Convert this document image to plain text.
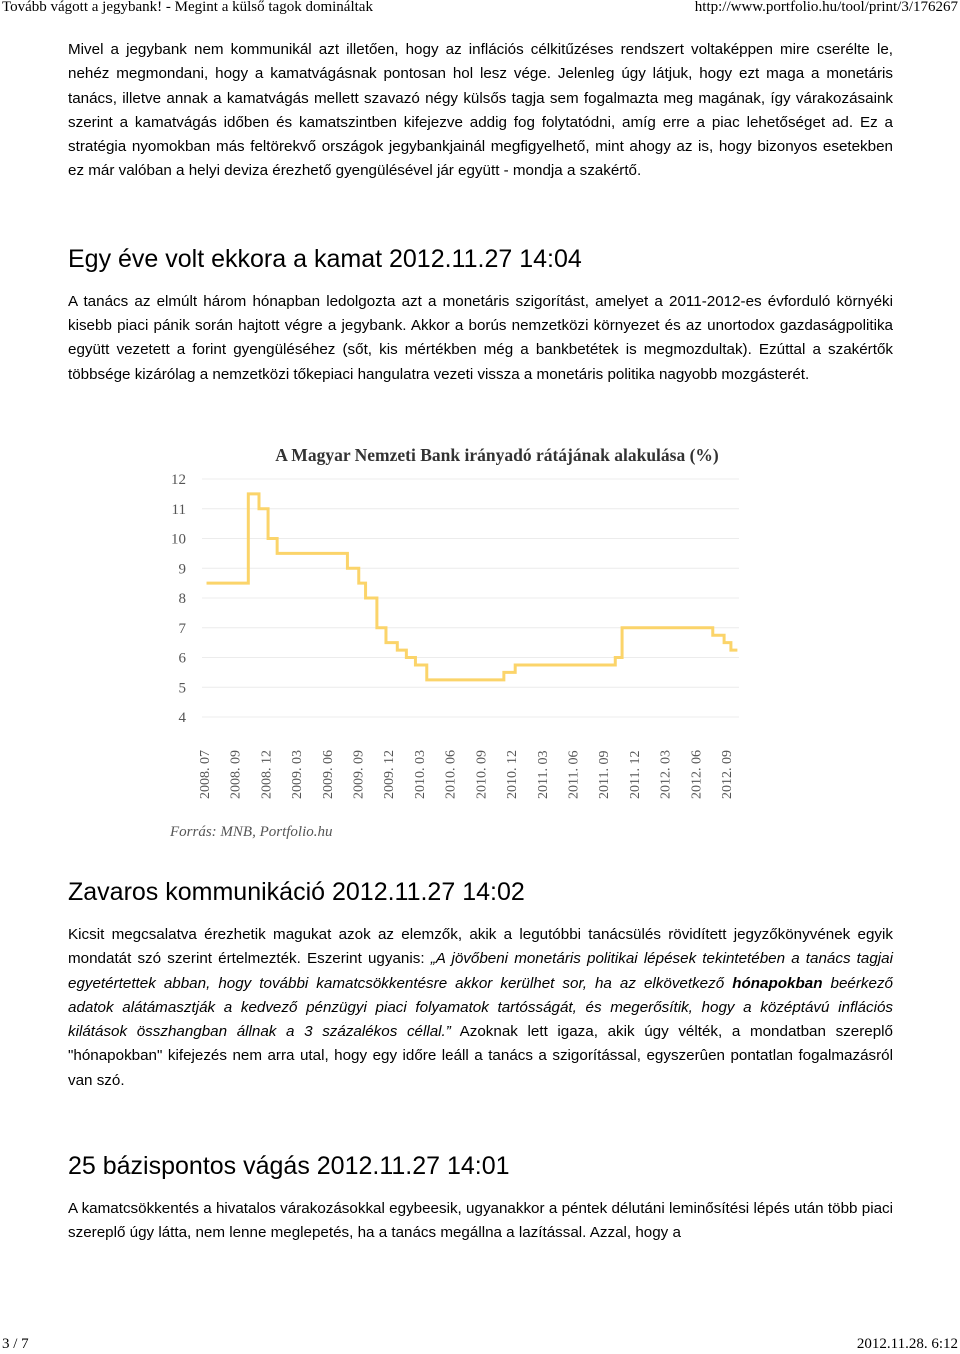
Tovább vágott a jegybank! - Megint a külső tagok domináltak	http://www.portfolio.hu/tool/print/3/176267

Mivel a jegybank nem kommunikál azt illetően, hogy az inflációs célkitűzéses rendszert voltaképpen mire cserélte le, nehéz megmondani, hogy a kamatvágásnak pontosan hol lesz vége. Jelenleg úgy látjuk, hogy ezt maga a monetáris tanács, illetve annak a kamatvágás mellett szavazó négy külsős tagja sem fogalmazta meg magának, így várakozásaink szerint a kamatvágás időben és kamatszintben kifejezve addig fog folytatódni, amíg erre a piac lehetőséget ad. Ez a stratégia nyomokban más feltörekvő országok jegybankjainál megfigyelhető, mint ahogy az is, hogy bizonyos esetekben ez már valóban a helyi deviza érezhető gyengülésével jár együtt - mondja a szakértő.

Egy éve volt ekkora a kamat 2012.11.27 14:04

A tanács az elmúlt három hónapban ledolgozta azt a monetáris szigorítást, amelyet a 2011-2012-es évforduló környéki kisebb piaci pánik során hajtott végre a jegybank. Akkor a borús nemzetközi környezet és az unortodox gazdaságpolitika együtt vezetett a forint gyengüléséhez (sőt, kis mértékben még a bankbetétek is megmozdultak). Ezúttal a szakértők többsége kizárólag a nemzetközi tőkepiaci hangulatra vezeti vissza a monetáris politika nagyobb mozgásterét.

A Magyar Nemzeti Bank irányadó rátájának alakulása (%)
12
11
10
9
8
7
6
5
4
2008. 07 2008. 09 2008. 12 2009. 03 2009. 06 2009. 09 2009. 12 2010. 03 2010. 06 2010. 09 2010. 12 2011. 03 2011. 06 2011. 09 2011. 12 2012. 03 2012. 06 2012. 09
Forrás: MNB, Portfolio.hu
Zavaros kommunikáció 2012.11.27 14:02

Kicsit megcsalatva érezhetik magukat azok az elemzők, akik a legutóbbi tanácsülés rövidített jegyzőkönyvének egyik mondatát szó szerint értelmezték. Eszerint ugyanis: „A jövőbeni monetáris politikai lépések tekintetében a tanács tagjai egyetértettek abban, hogy további kamatcsökkentésre akkor kerülhet sor, ha az elkövetkező hónapokban beérkező adatok alátámasztják a kedvező pénzügyi piaci folyamatok tartósságát, és megerősítik, hogy a középtávú inflációs kilátások összhangban állnak a 3 százalékos céllal.” Azoknak lett igaza, akik úgy vélték, a mondatban szereplő "hónapokban" kifejezés nem arra utal, hogy egy időre leáll a tanács a szigorítással, egyszerûen pontatlan fogalmazásról van szó.

25 bázispontos vágás 2012.11.27 14:01

A kamatcsökkentés a hivatalos várakozásokkal egybeesik, ugyanakkor a péntek délutáni leminősítési lépés után több piaci szereplő úgy látta, nem lenne meglepetés, ha a tanács megállna a lazítással. Azzal, hogy a

3 / 7	2012.11.28. 6:12
